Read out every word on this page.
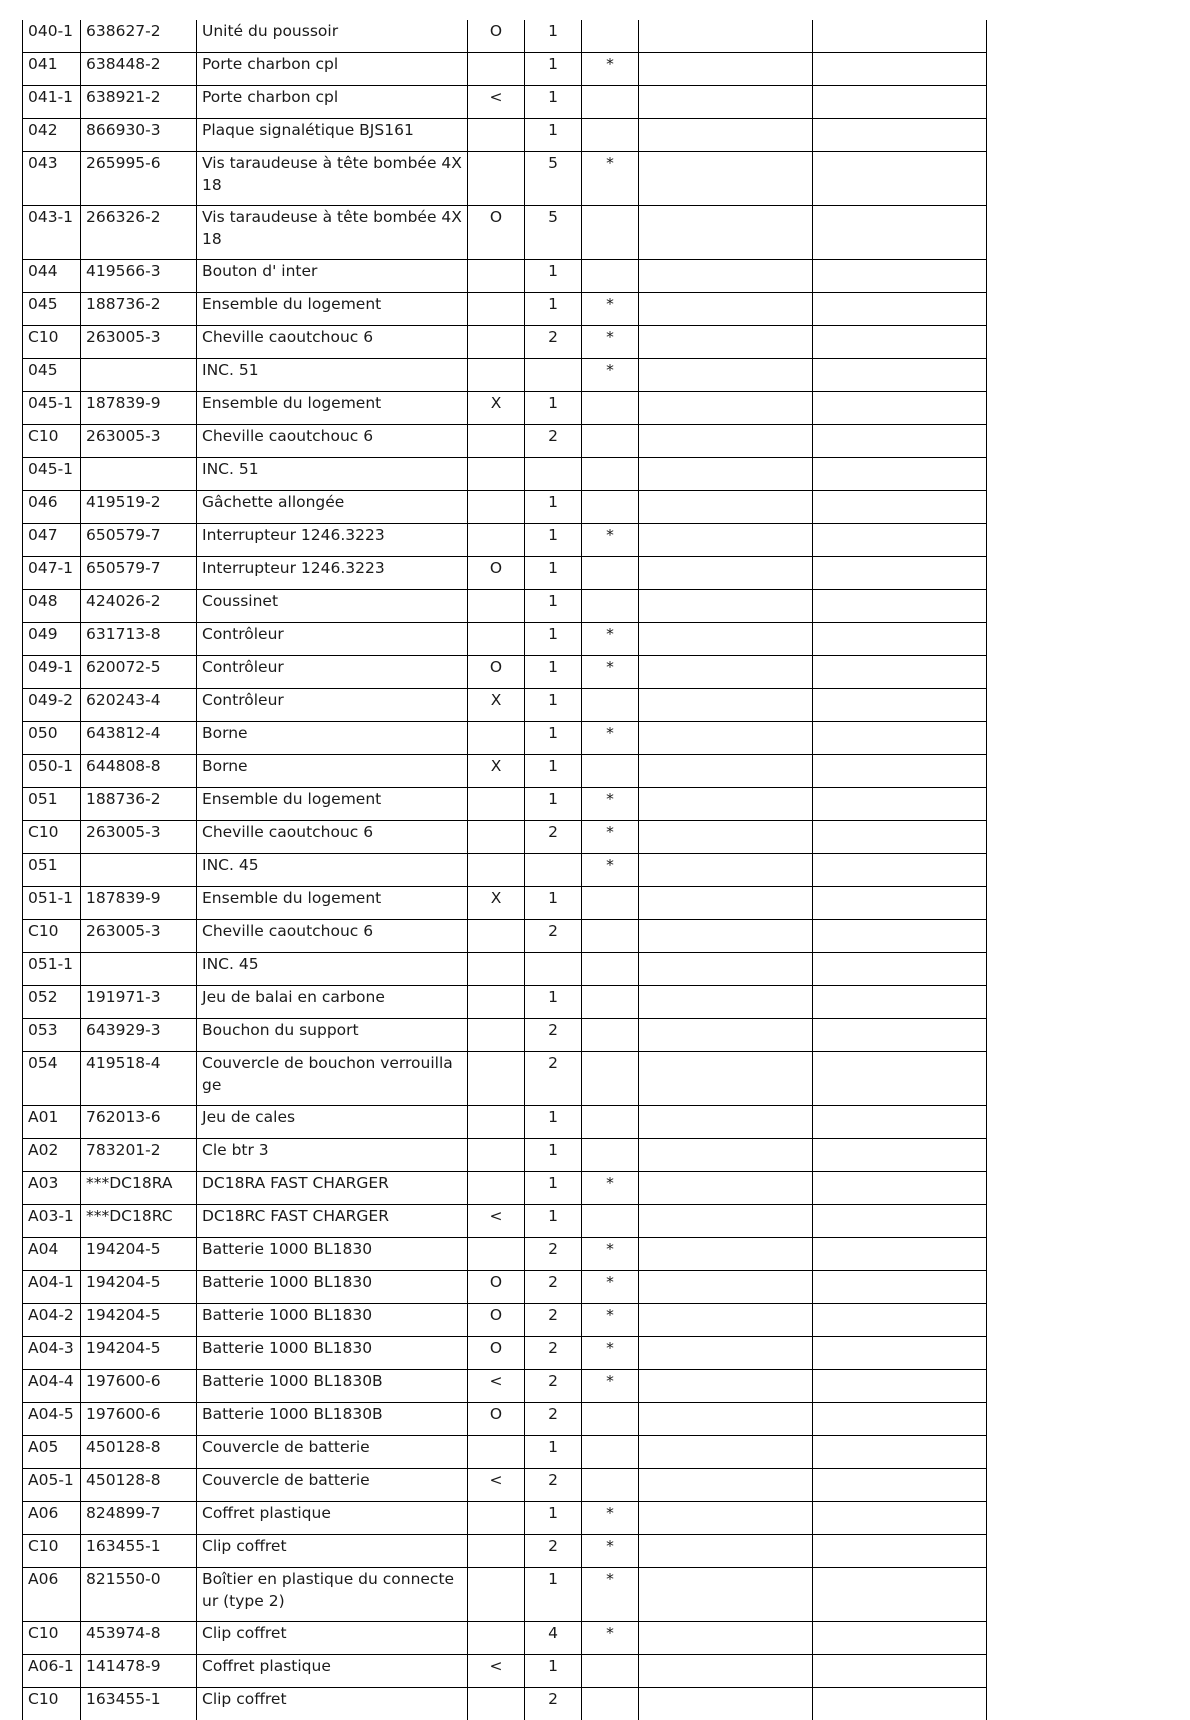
040-1	638627-2	Unité du poussoir	O	1			

041	638448-2	Porte charbon cpl		1	*		

041-1	638921-2	Porte charbon cpl	<	1			

042	866930-3	Plaque signalétique BJS161		1			

043	265995-6	Vis taraudeuse à tête bombée 4X 18		5	*		

043-1	266326-2	Vis taraudeuse à tête bombée 4X 18	O	5			

044	419566-3	Bouton d' inter		1			

045	188736-2	Ensemble du logement		1	*		

C10	263005-3	Cheville caoutchouc 6		2	*		

045		INC. 51			*		

045-1	187839-9	Ensemble du logement	X	1			

C10	263005-3	Cheville caoutchouc 6		2			

045-1		INC. 51					

046	419519-2	Gâchette allongée		1			

047	650579-7	Interrupteur 1246.3223		1	*		

047-1	650579-7	Interrupteur 1246.3223	O	1			

048	424026-2	Coussinet		1			

049	631713-8	Contrôleur		1	*		

049-1	620072-5	Contrôleur	O	1	*		

049-2	620243-4	Contrôleur	X	1			

050	643812-4	Borne		1	*		

050-1	644808-8	Borne	X	1			

051	188736-2	Ensemble du logement		1	*		

C10	263005-3	Cheville caoutchouc 6		2	*		

051		INC. 45			*		

051-1	187839-9	Ensemble du logement	X	1			

C10	263005-3	Cheville caoutchouc 6		2			

051-1		INC. 45					

052	191971-3	Jeu de balai en carbone		1			

053	643929-3	Bouchon du support		2			

054	419518-4	Couvercle de bouchon verrouilla ge		2			

A01	762013-6	Jeu de cales		1			

A02	783201-2	Cle btr 3		1			

A03	***DC18RA	DC18RA FAST CHARGER		1	*		

A03-1	***DC18RC	DC18RC FAST CHARGER	<	1			

A04	194204-5	Batterie 1000 BL1830		2	*		

A04-1	194204-5	Batterie 1000 BL1830	O	2	*		

A04-2	194204-5	Batterie 1000 BL1830	O	2	*		

A04-3	194204-5	Batterie 1000 BL1830	O	2	*		

A04-4	197600-6	Batterie 1000 BL1830B	<	2	*		

A04-5	197600-6	Batterie 1000 BL1830B	O	2			

A05	450128-8	Couvercle de batterie		1			

A05-1	450128-8	Couvercle de batterie	<	2			

A06	824899-7	Coffret plastique		1	*		

C10	163455-1	Clip coffret		2	*		

A06	821550-0	Boîtier en plastique du connecte ur (type 2)		1	*		

C10	453974-8	Clip coffret		4	*		

A06-1	141478-9	Coffret plastique	<	1			

C10	163455-1	Clip coffret		2			
